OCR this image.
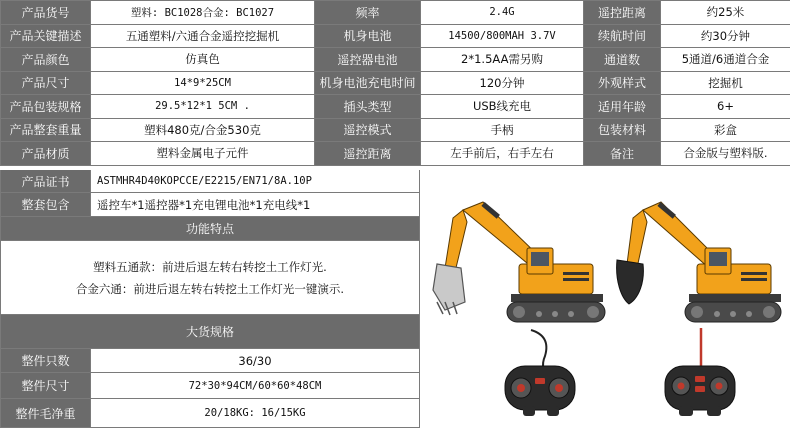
产品货号	塑料: BC1028合金: BC1027	频率	2.4G	遥控距离	约25米
产品关键描述	五通塑料/六通合金遥控挖掘机	机身电池	14500/800MAH 3.7V	续航时间	约30分钟
产品颜色	仿真色	遥控器电池	2*1.5AA需另购	通道数	5通道/6通道合金
产品尺寸	14*9*25CM	机身电池充电时间	120分钟	外观样式	挖掘机
产品包装规格	29.5*12*1 5CM .	插头类型	USB线充电	适用年龄	6+
产品整套重量	塑料480克/合金530克	遥控模式	手柄	包装材料	彩盒
产品材质	塑料金属电子元件	遥控距离	左手前后，右手左右	备注	合金版与塑料版.
产品证书	ASTMHR4D40KOPCCE/E2215/EN71/8A.10P
整套包含	遥控车*1遥控器*1充电锂电池*1充电线*1
功能特点
塑料五通款：前进后退左转右转挖土工作灯光.
合金六通：前进后退左转右转挖土工作灯光一键演示.
大货规格
整件只数	36/30
整件尺寸	72*30*94CM/60*60*48CM
整件毛净重	20/18KG: 16/15KG
